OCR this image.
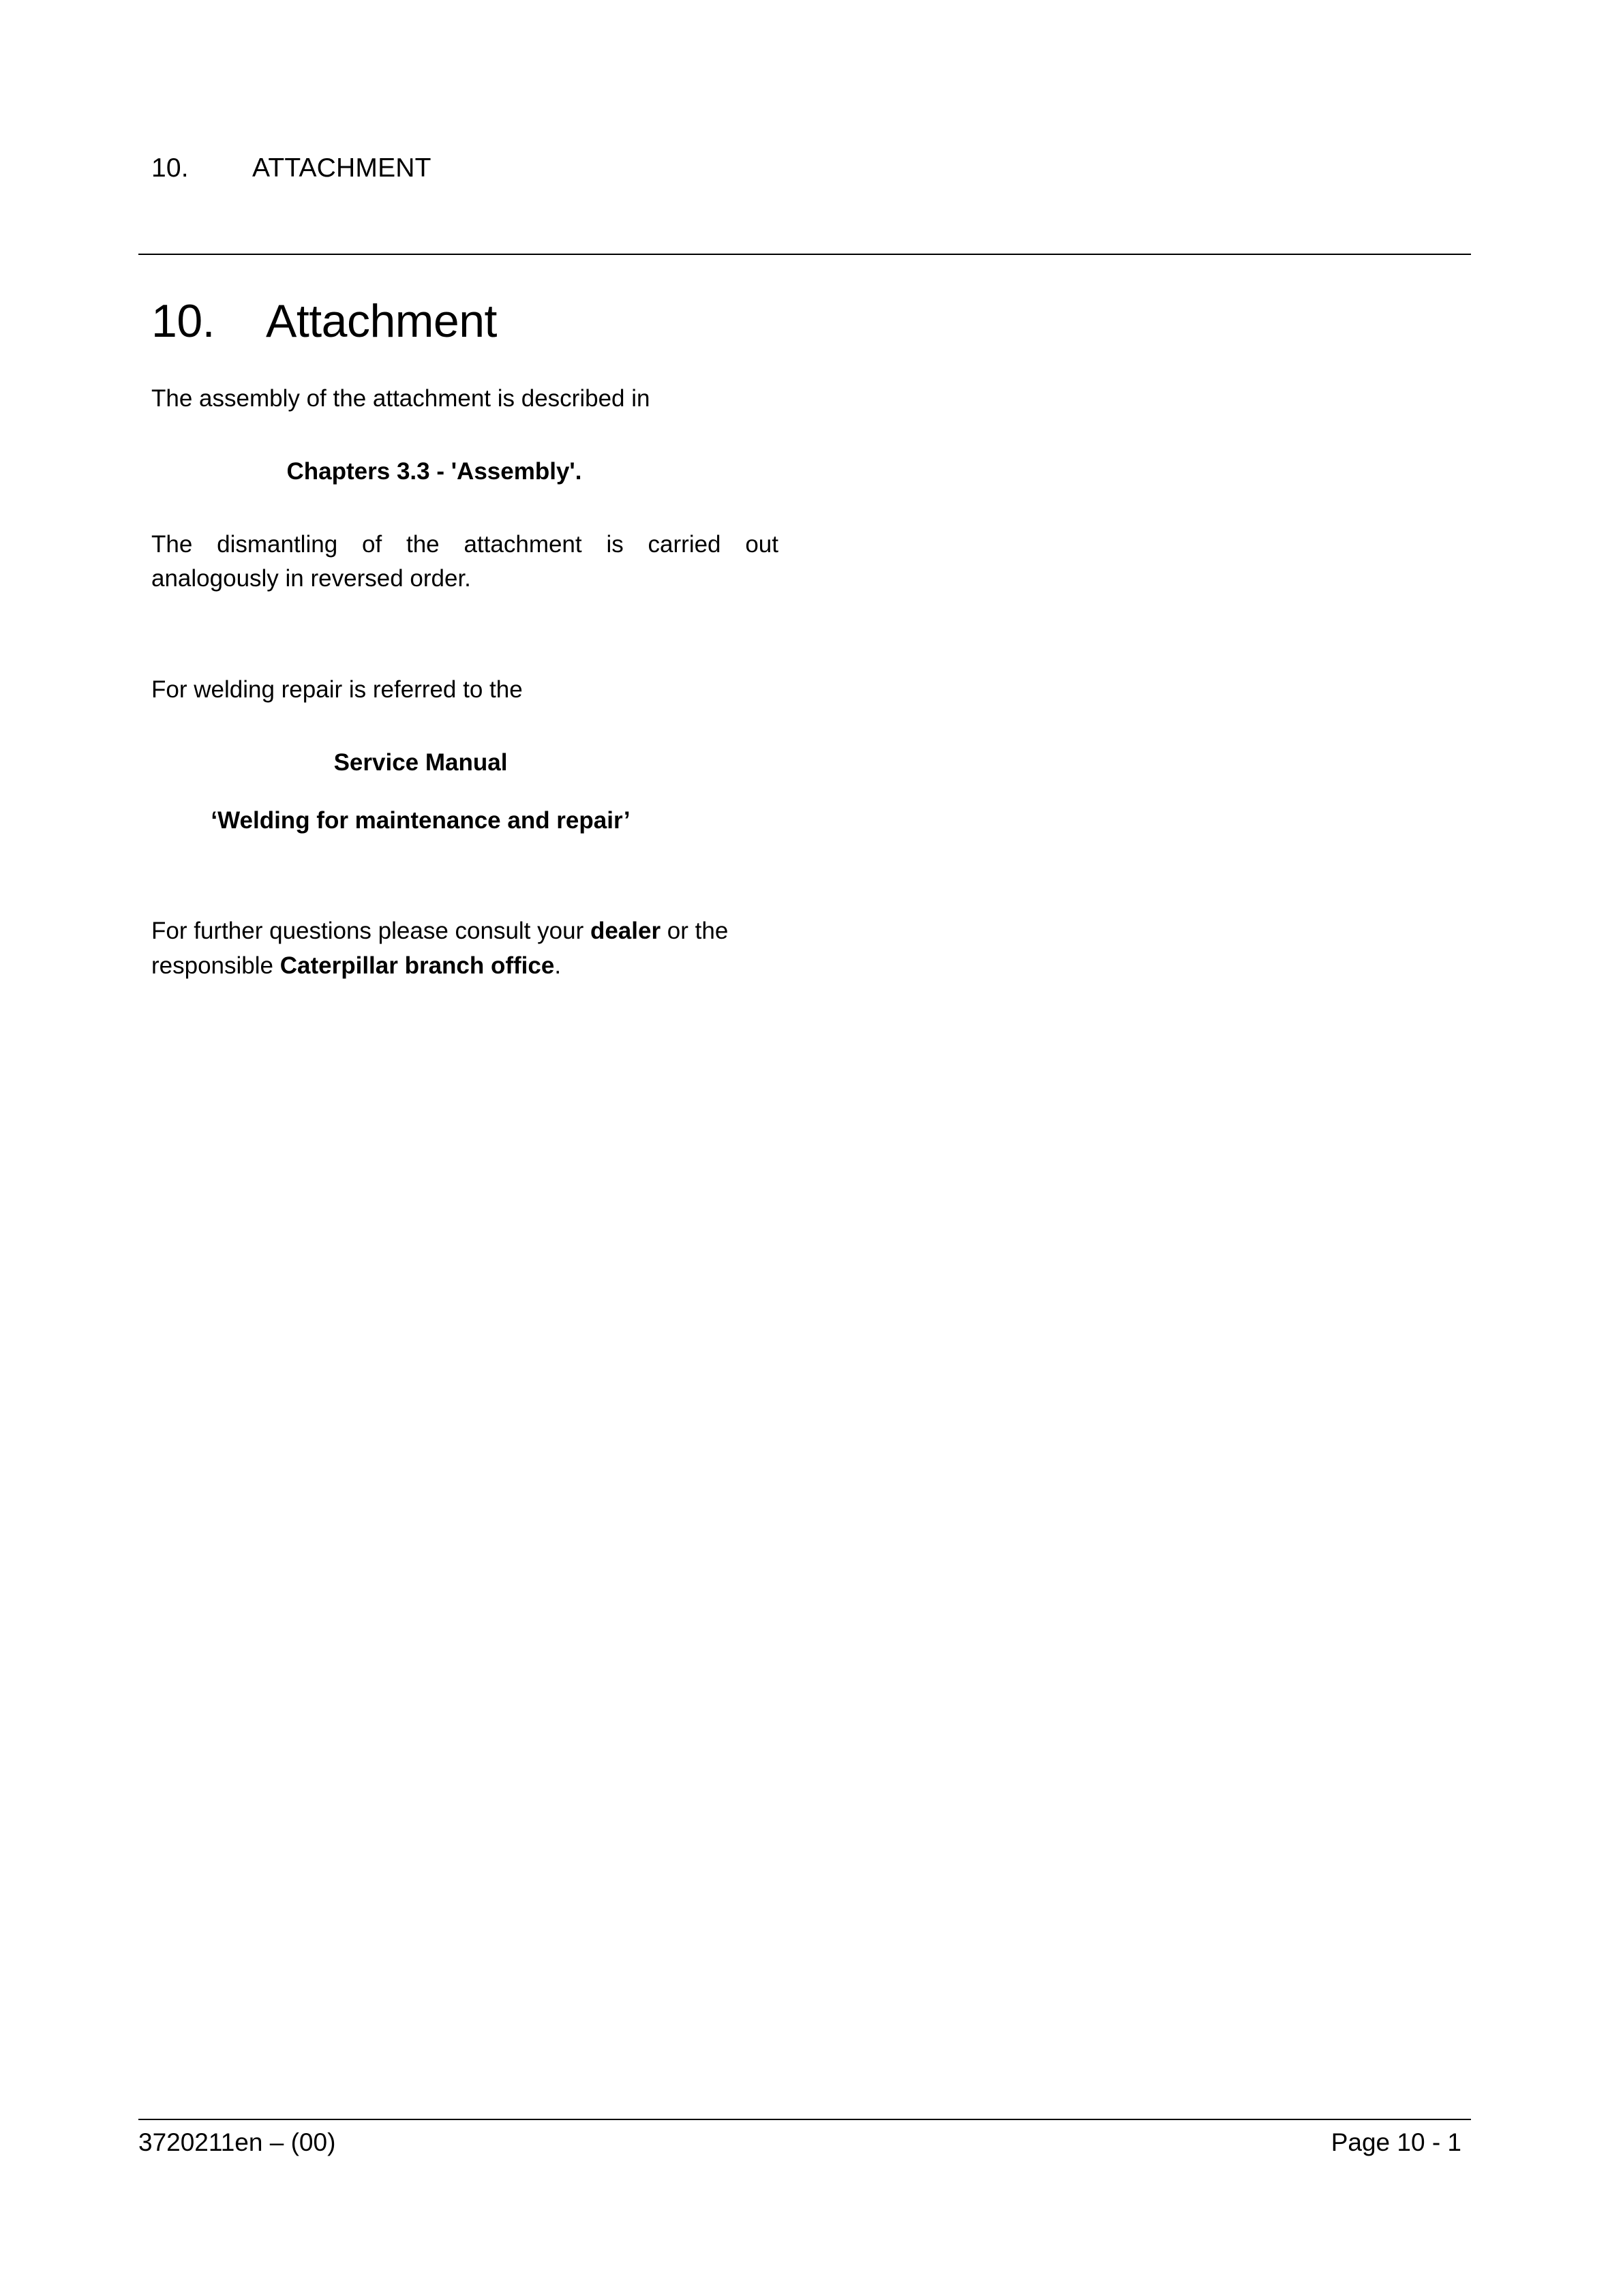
10.	ATTACHMENT
10.	Attachment

The assembly of the attachment is described in

Chapters 3.3 - 'Assembly'.

The dismantling of the attachment is carried out analogously in reversed order.

For welding repair is referred to the

Service Manual

‘Welding for maintenance and repair’

For further questions please consult your dealer or the responsible Caterpillar branch office.

3720211en – (00)	Page 10 - 1
